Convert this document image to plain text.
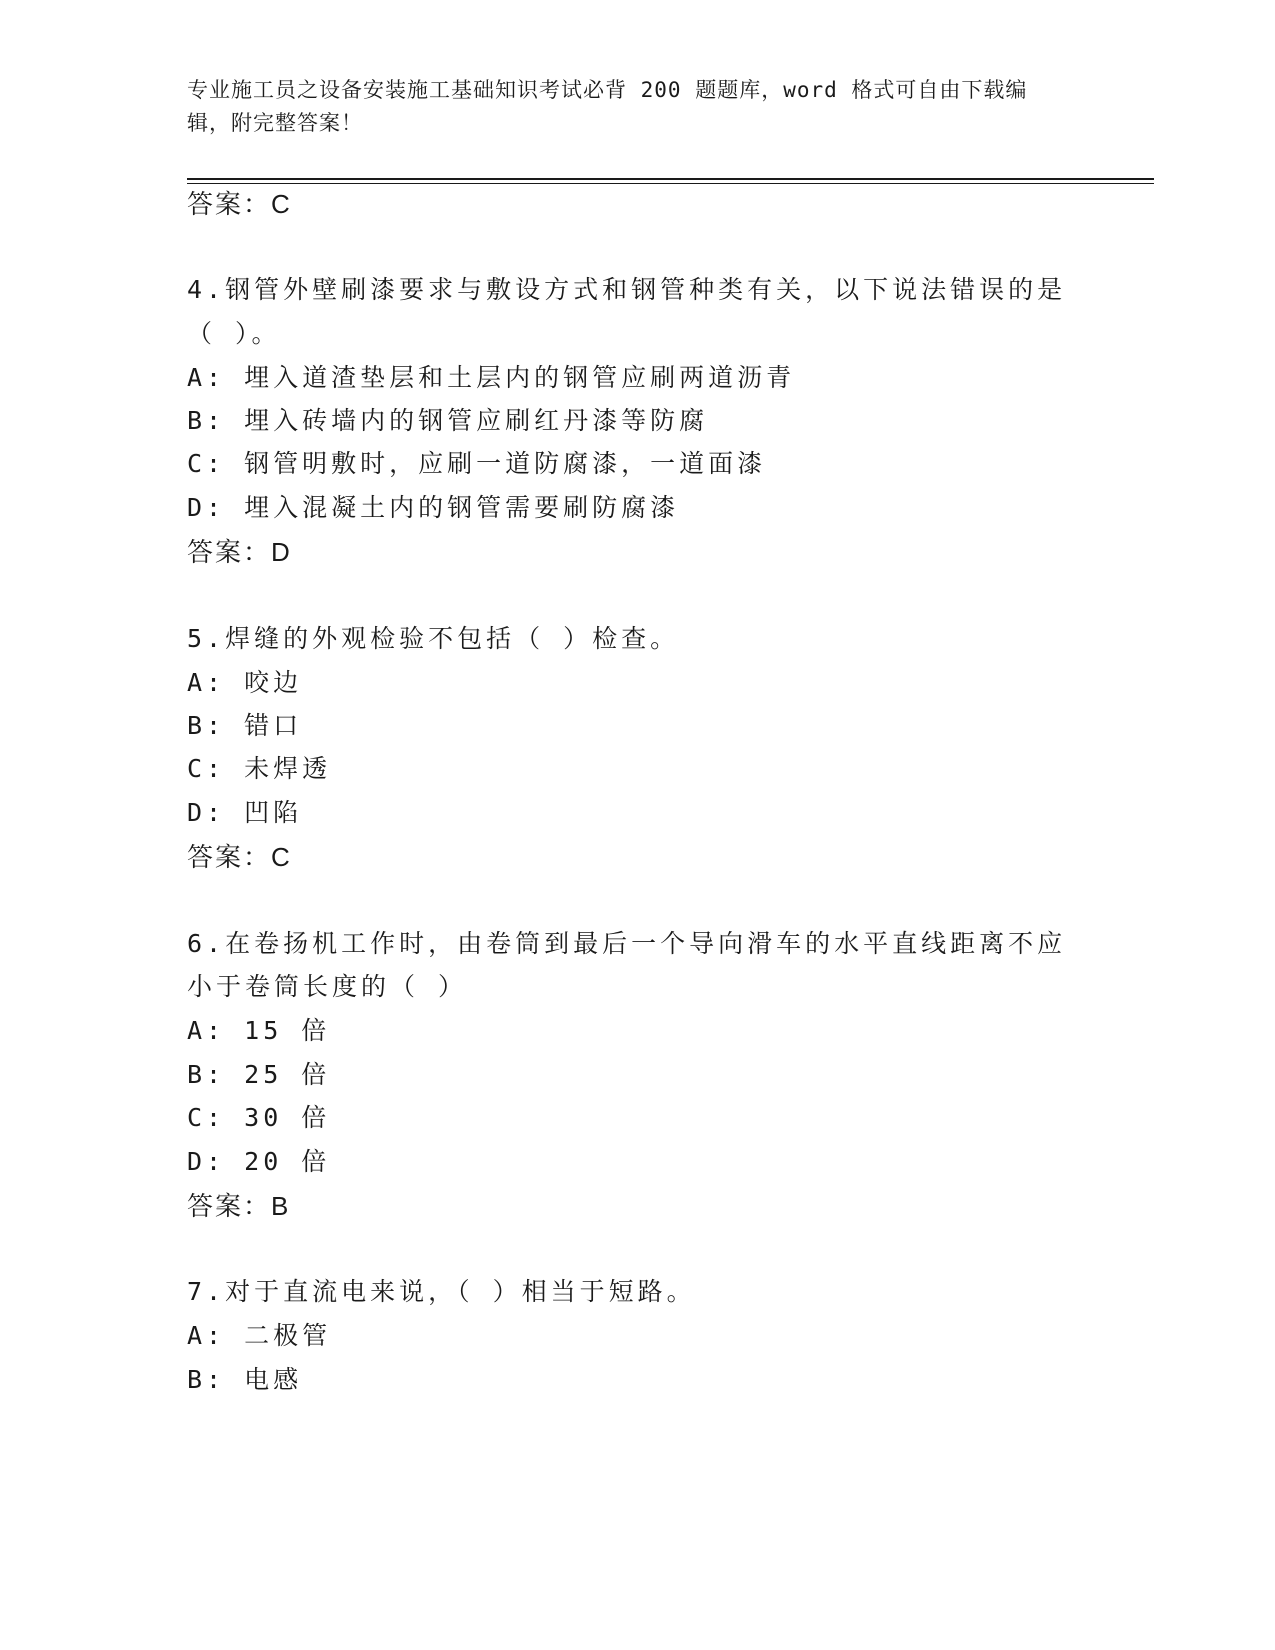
专业施工员之设备安装施工基础知识考试必背 200 题题库，word 格式可自由下载编辑，附完整答案！
答案：C
4.钢管外壁刷漆要求与敷设方式和钢管种类有关，以下说法错误的是
（ ）。
A: 埋入道渣垫层和土层内的钢管应刷两道沥青
B: 埋入砖墙内的钢管应刷红丹漆等防腐
C: 钢管明敷时，应刷一道防腐漆，一道面漆
D: 埋入混凝土内的钢管需要刷防腐漆
答案：D
5.焊缝的外观检验不包括（ ）检查。
A: 咬边
B: 错口
C: 未焊透
D: 凹陷
答案：C
6.在卷扬机工作时，由卷筒到最后一个导向滑车的水平直线距离不应
小于卷筒长度的（ ）
A: 15 倍
B: 25 倍
C: 30 倍
D: 20 倍
答案：B
7.对于直流电来说，（ ）相当于短路。
A: 二极管
B: 电感
